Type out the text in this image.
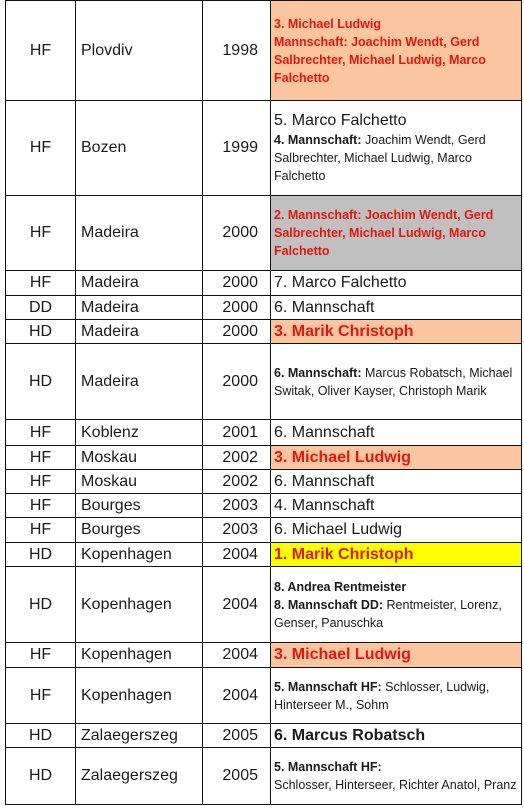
HF	Plovdiv	1998	3. Michael Ludwig
Mannschaft: Joachim Wendt, Gerd Salbrechter, Michael Ludwig, Marco Falchetto

HF	Bozen	1999	5. Marco Falchetto
4. Mannschaft: Joachim Wendt, Gerd Salbrechter, Michael Ludwig, Marco Falchetto

HF	Madeira	2000	2. Mannschaft: Joachim Wendt, Gerd Salbrechter, Michael Ludwig, Marco Falchetto

HF	Madeira	2000	7. Marco Falchetto
DD	Madeira	2000	6. Mannschaft
HD	Madeira	2000	3. Marik Christoph
HD	Madeira	2000	6. Mannschaft: Marcus Robatsch, Michael Switak, Oliver Kayser, Christoph Marik

HF	Koblenz	2001	6. Mannschaft
HF	Moskau	2002	3. Michael Ludwig
HF	Moskau	2002	6. Mannschaft
HF	Bourges	2003	4. Mannschaft
HF	Bourges	2003	6. Michael Ludwig
HD	Kopenhagen	2004	1. Marik Christoph
HD	Kopenhagen	2004	8. Andrea Rentmeister
8. Mannschaft DD: Rentmeister, Lorenz, Genser, Panuschka

HF	Kopenhagen	2004	3. Michael Ludwig
HF	Kopenhagen	2004	5. Mannschaft HF: Schlosser, Ludwig, Hinterseer M., Sohm

HD	Zalaegerszeg	2005	6. Marcus Robatsch
HD	Zalaegerszeg	2005	5. Mannschaft HF:
Schlosser, Hinterseer, Richter Anatol, Pranz
